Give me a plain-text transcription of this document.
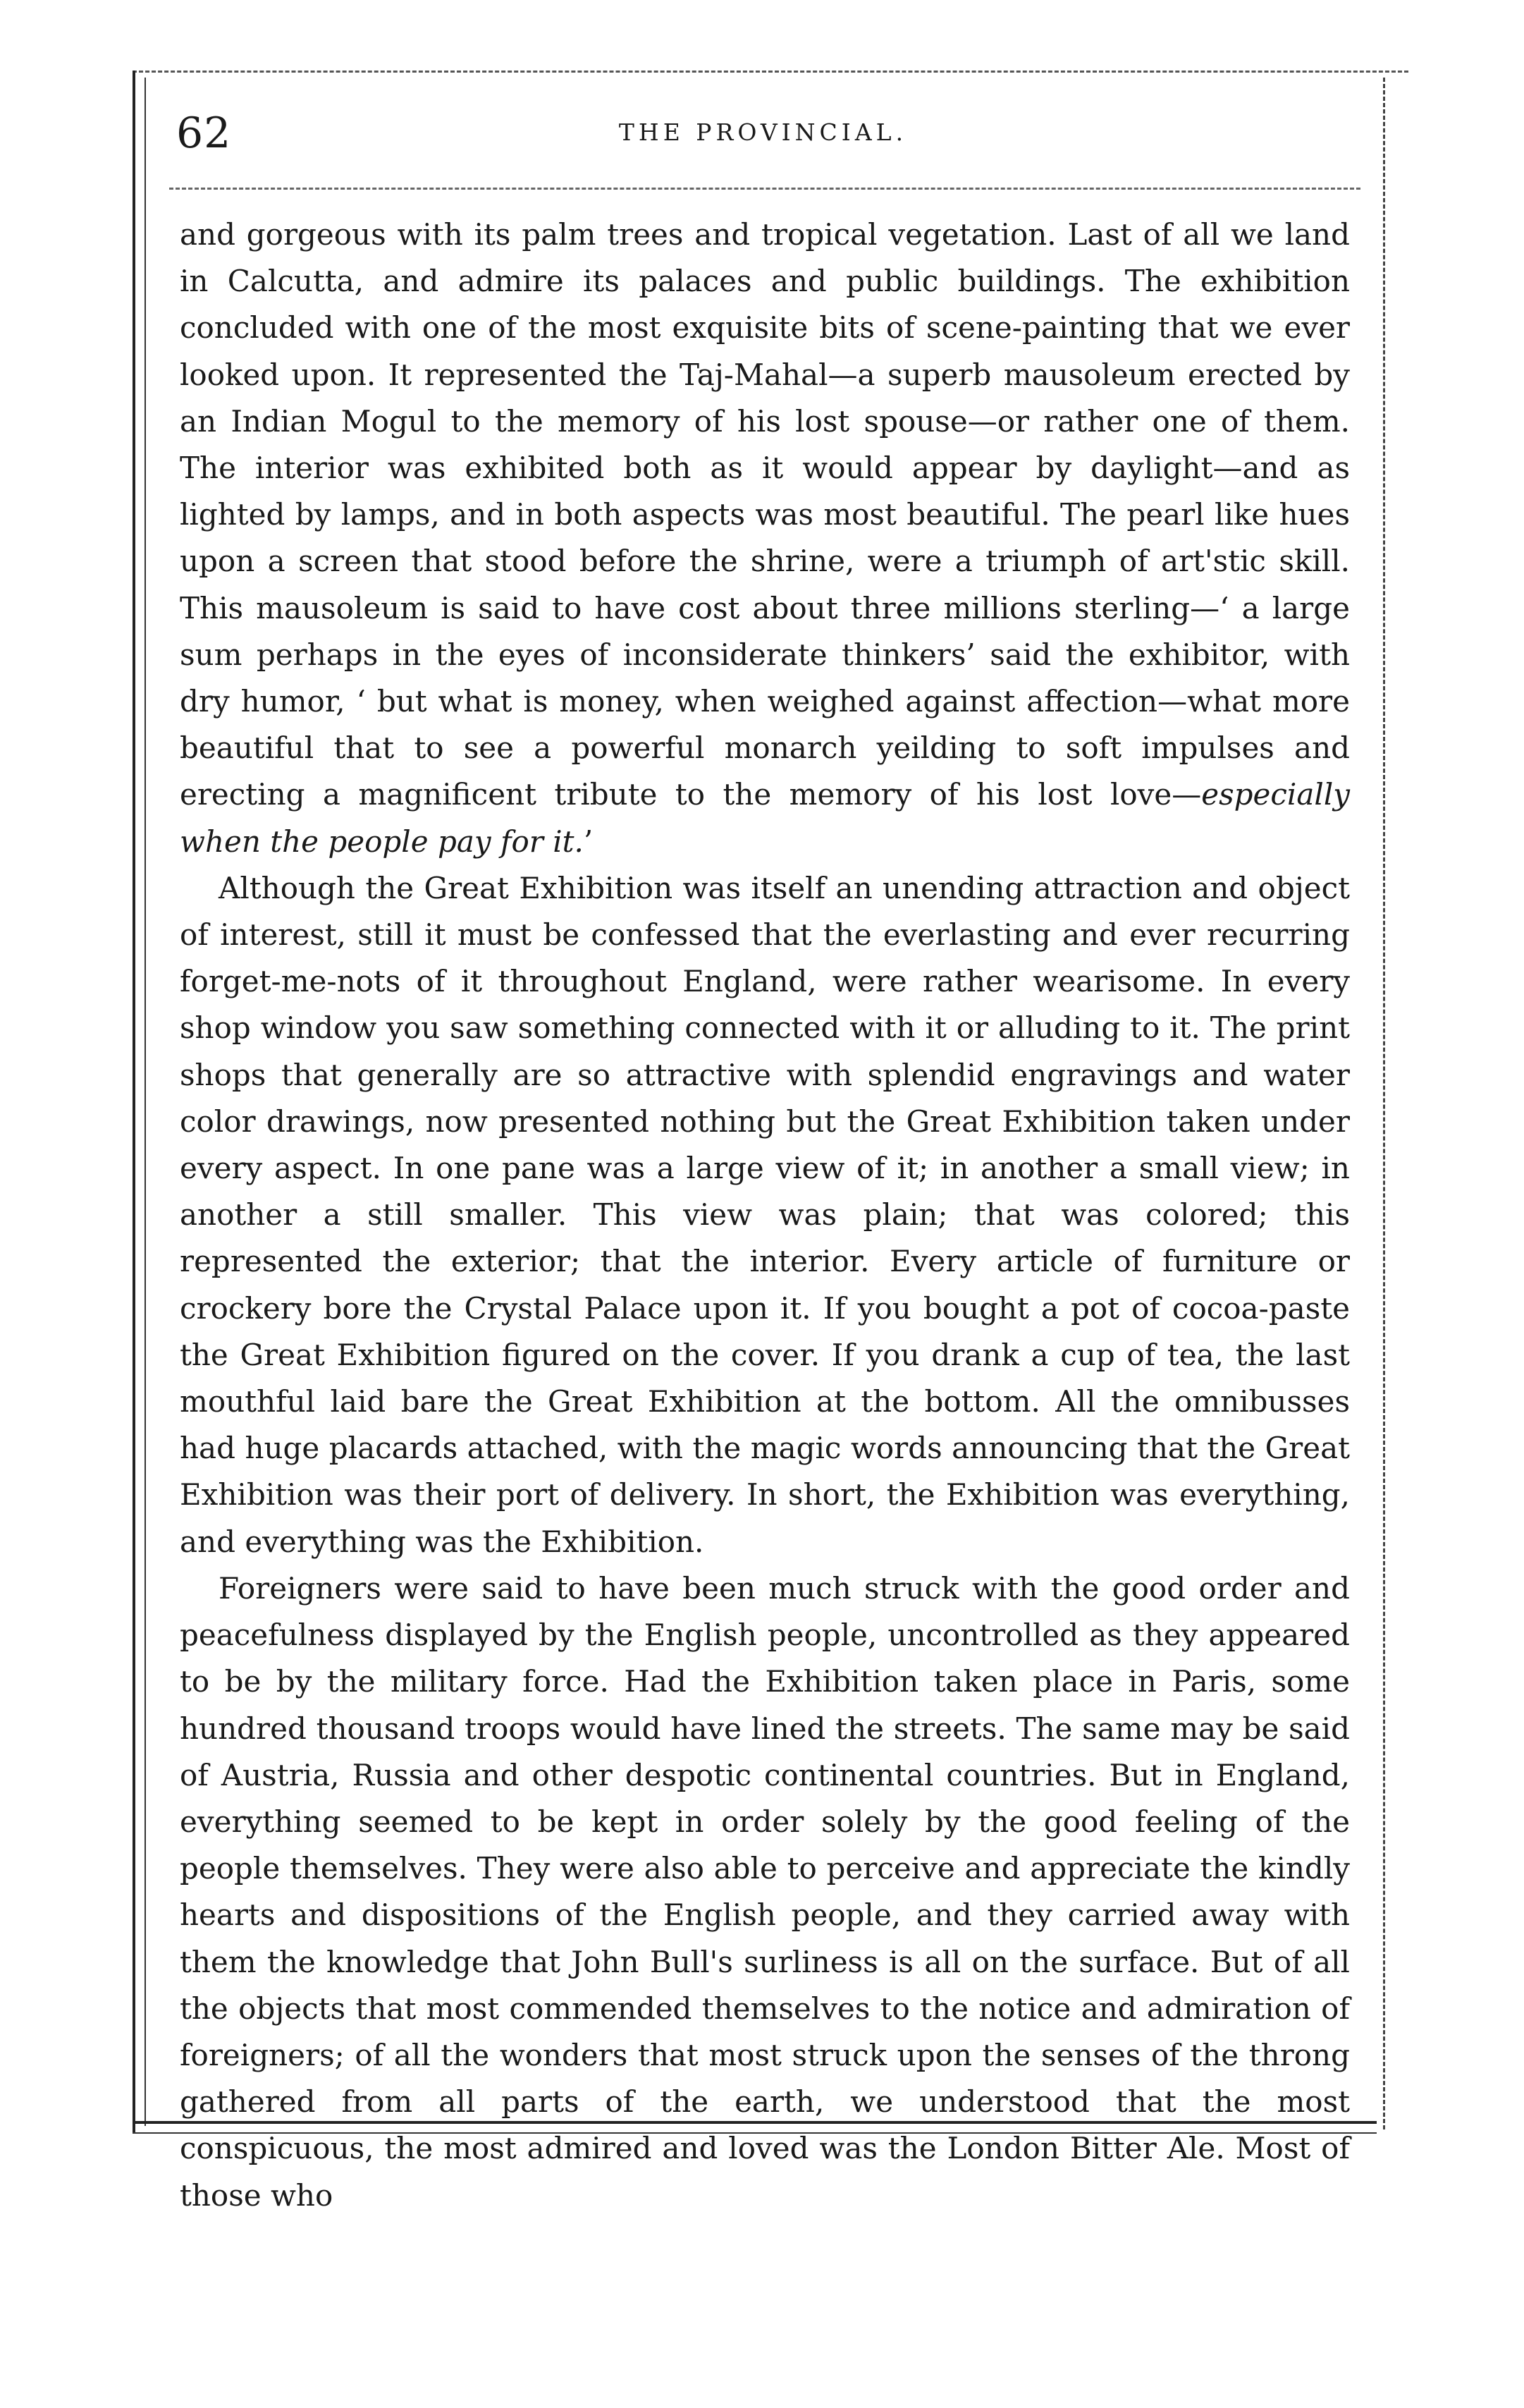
62	THE PROVINCIAL.

and gorgeous with its palm trees and tropical vegetation. Last of all we land in Calcutta, and admire its palaces and public buildings. The exhibition concluded with one of the most exquisite bits of scene-painting that we ever looked upon. It represented the Taj-Mahal—a superb mausoleum erected by an Indian Mogul to the memory of his lost spouse—or rather one of them. The interior was exhibited both as it would appear by daylight—and as lighted by lamps, and in both aspects was most beautiful. The pearl like hues upon a screen that stood before the shrine, were a triumph of art'stic skill. This mausoleum is said to have cost about three millions sterling—‘ a large sum perhaps in the eyes of inconsiderate thinkers’ said the exhibitor, with dry humor, ‘ but what is money, when weighed against affection—what more beautiful that to see a powerful monarch yeilding to soft impulses and erecting a magnificent tribute to the memory of his lost love—especially when the people pay for it.’

Although the Great Exhibition was itself an unending attraction and object of interest, still it must be confessed that the everlasting and ever recurring forget-me-nots of it throughout England, were rather wearisome. In every shop window you saw something connected with it or alluding to it. The print shops that generally are so attractive with splendid engravings and water color drawings, now presented nothing but the Great Exhibition taken under every aspect. In one pane was a large view of it; in another a small view; in another a still smaller. This view was plain; that was colored; this represented the exterior; that the interior. Every article of furniture or crockery bore the Crystal Palace upon it. If you bought a pot of cocoa-paste the Great Exhibition figured on the cover. If you drank a cup of tea, the last mouthful laid bare the Great Exhibition at the bottom. All the omnibusses had huge placards attached, with the magic words announcing that the Great Exhibition was their port of delivery. In short, the Exhibition was everything, and everything was the Exhibition.

Foreigners were said to have been much struck with the good order and peacefulness displayed by the English people, uncontrolled as they appeared to be by the military force. Had the Exhibition taken place in Paris, some hundred thousand troops would have lined the streets. The same may be said of Austria, Russia and other despotic continental countries. But in England, everything seemed to be kept in order solely by the good feeling of the people themselves. They were also able to perceive and appreciate the kindly hearts and dispositions of the English people, and they carried away with them the knowledge that John Bull's surliness is all on the surface. But of all the objects that most commended themselves to the notice and admiration of foreigners; of all the wonders that most struck upon the senses of the throng gathered from all parts of the earth, we understood that the most conspicuous, the most admired and loved was the London Bitter Ale. Most of those who
